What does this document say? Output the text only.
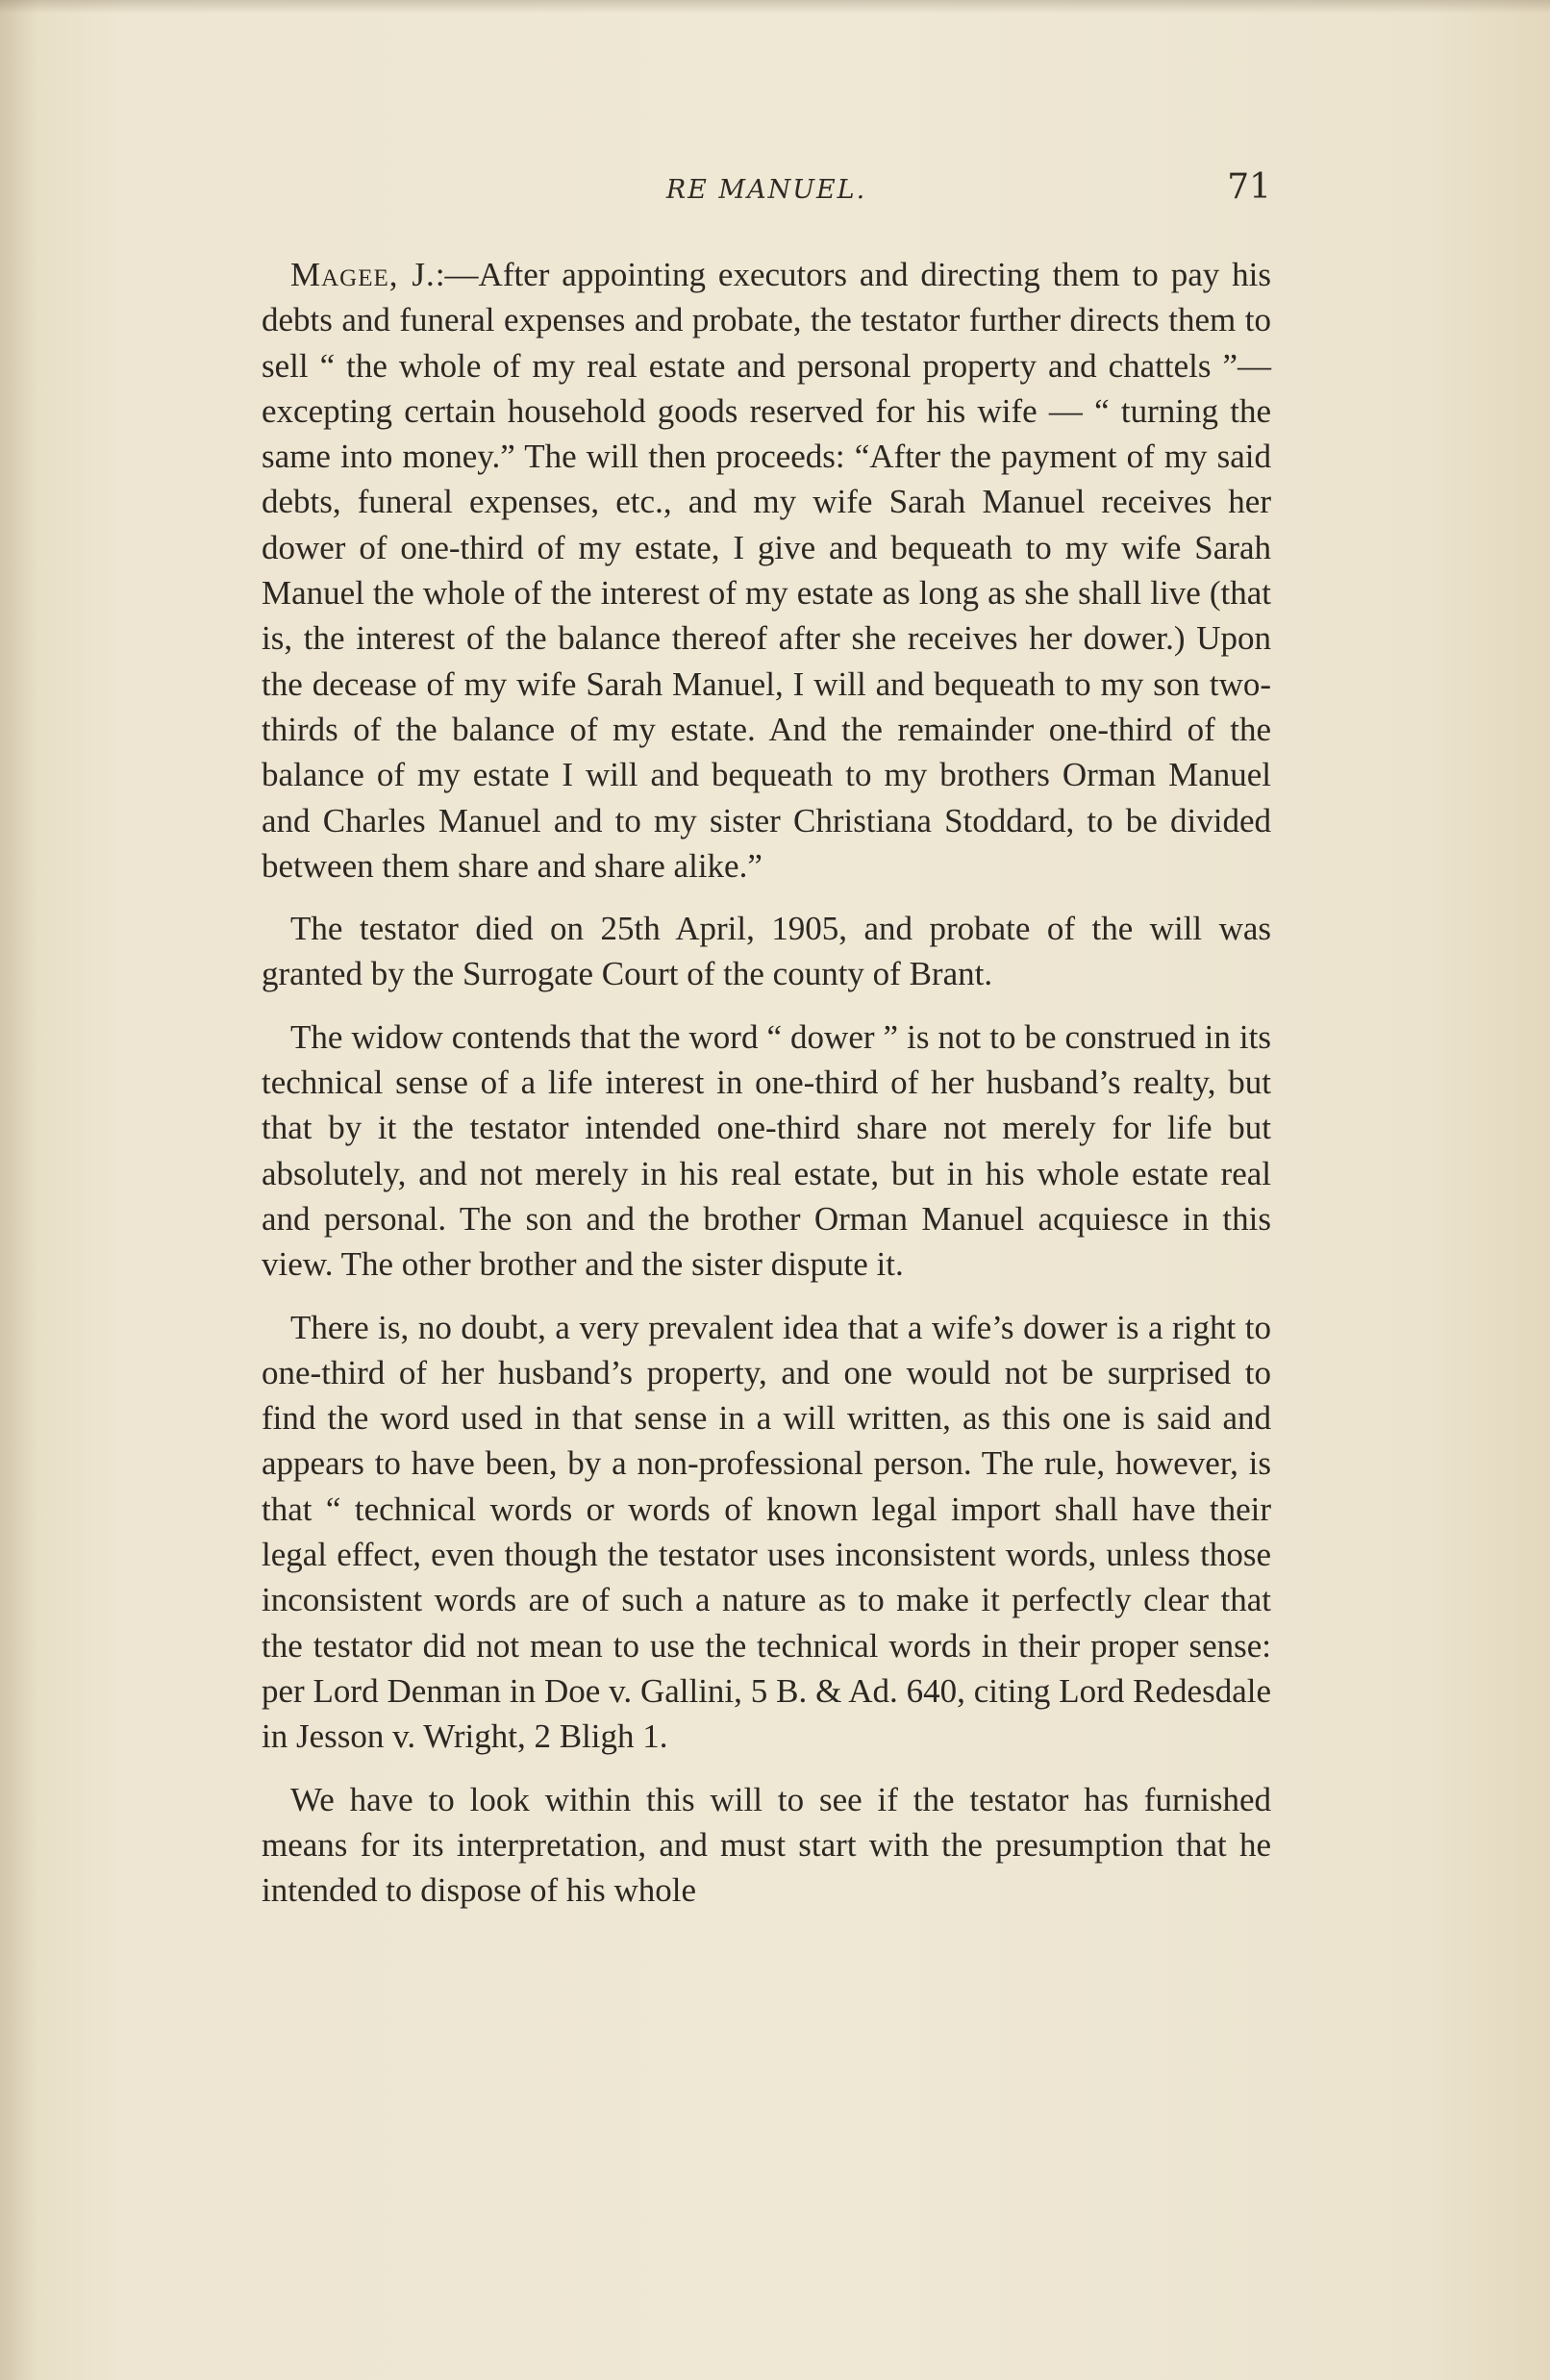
RE MANUEL.	71

Magee, J.:—After appointing executors and directing them to pay his debts and funeral expenses and probate, the testator further directs them to sell “ the whole of my real estate and personal property and chattels ”—excepting certain household goods reserved for his wife — “ turning the same into money.” The will then proceeds: “After the payment of my said debts, funeral expenses, etc., and my wife Sarah Manuel receives her dower of one-third of my estate, I give and bequeath to my wife Sarah Manuel the whole of the interest of my estate as long as she shall live (that is, the interest of the balance thereof after she receives her dower.) Upon the decease of my wife Sarah Manuel, I will and bequeath to my son two-thirds of the balance of my estate. And the remainder one-third of the balance of my estate I will and bequeath to my brothers Orman Manuel and Charles Manuel and to my sister Christiana Stoddard, to be divided between them share and share alike.”

The testator died on 25th April, 1905, and probate of the will was granted by the Surrogate Court of the county of Brant.

The widow contends that the word “ dower ” is not to be construed in its technical sense of a life interest in one-third of her husband’s realty, but that by it the testator intended one-third share not merely for life but absolutely, and not merely in his real estate, but in his whole estate real and personal. The son and the brother Orman Manuel acquiesce in this view. The other brother and the sister dispute it.

There is, no doubt, a very prevalent idea that a wife’s dower is a right to one-third of her husband’s property, and one would not be surprised to find the word used in that sense in a will written, as this one is said and appears to have been, by a non-professional person. The rule, however, is that “ technical words or words of known legal import shall have their legal effect, even though the testator uses inconsistent words, unless those inconsistent words are of such a nature as to make it perfectly clear that the testator did not mean to use the technical words in their proper sense: per Lord Denman in Doe v. Gallini, 5 B. & Ad. 640, citing Lord Redesdale in Jesson v. Wright, 2 Bligh 1.

We have to look within this will to see if the testator has furnished means for its interpretation, and must start with the presumption that he intended to dispose of his whole
